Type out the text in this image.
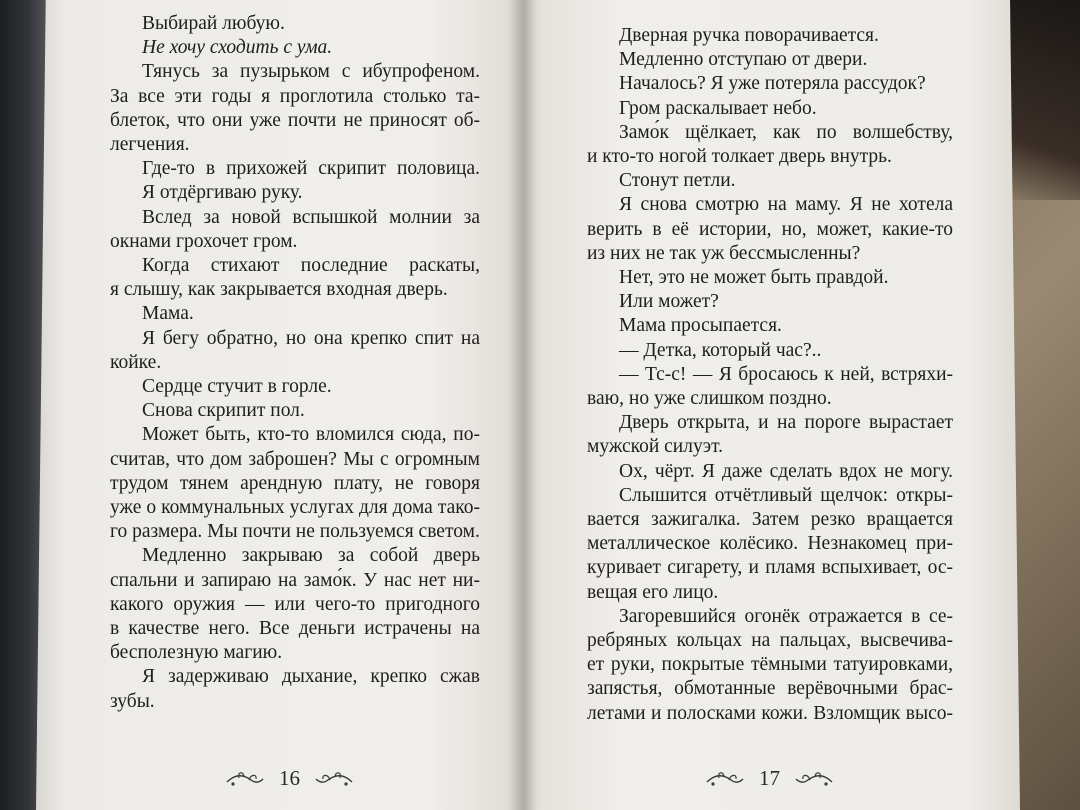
Выбирай любую.
Не хочу сходить с ума.
Тянусь за пузырьком с ибупрофеном.
За все эти годы я проглотила столько та-
блеток, что они уже почти не приносят об-
легчения.
Где-то в прихожей скрипит половица.
Я отдёргиваю руку.
Вслед за новой вспышкой молнии за
окнами грохочет гром.
Когда стихают последние раскаты,
я слышу, как закрывается входная дверь.
Мама.
Я бегу обратно, но она крепко спит на
койке.
Сердце стучит в горле.
Снова скрипит пол.
Может быть, кто-то вломился сюда, по-
считав, что дом заброшен? Мы с огромным
трудом тянем арендную плату, не говоря
уже о коммунальных услугах для дома тако-
го размера. Мы почти не пользуемся светом.
Медленно закрываю за собой дверь
спальни и запираю на замо́к. У нас нет ни-
какого оружия — или чего-то пригодного
в качестве него. Все деньги истрачены на
бесполезную магию.
Я задерживаю дыхание, крепко сжав
зубы.
Дверная ручка поворачивается.
Медленно отступаю от двери.
Началось? Я уже потеряла рассудок?
Гром раскалывает небо.
Замо́к щёлкает, как по волшебству,
и кто-то ногой толкает дверь внутрь.
Стонут петли.
Я снова смотрю на маму. Я не хотела
верить в её истории, но, может, какие-то
из них не так уж бессмысленны?
Нет, это не может быть правдой.
Или может?
Мама просыпается.
— Детка, который час?..
— Тс-с! — Я бросаюсь к ней, встряхи-
ваю, но уже слишком поздно.
Дверь открыта, и на пороге вырастает
мужской силуэт.
Ох, чёрт. Я даже сделать вдох не могу.
Слышится отчётливый щелчок: откры-
вается зажигалка. Затем резко вращается
металлическое колёсико. Незнакомец при-
куривает сигарету, и пламя вспыхивает, ос-
вещая его лицо.
Загоревшийся огонёк отражается в се-
ребряных кольцах на пальцах, высвечива-
ет руки, покрытые тёмными татуировками,
запястья, обмотанные верёвочными брас-
летами и полосками кожи. Взломщик высо-
16	17
